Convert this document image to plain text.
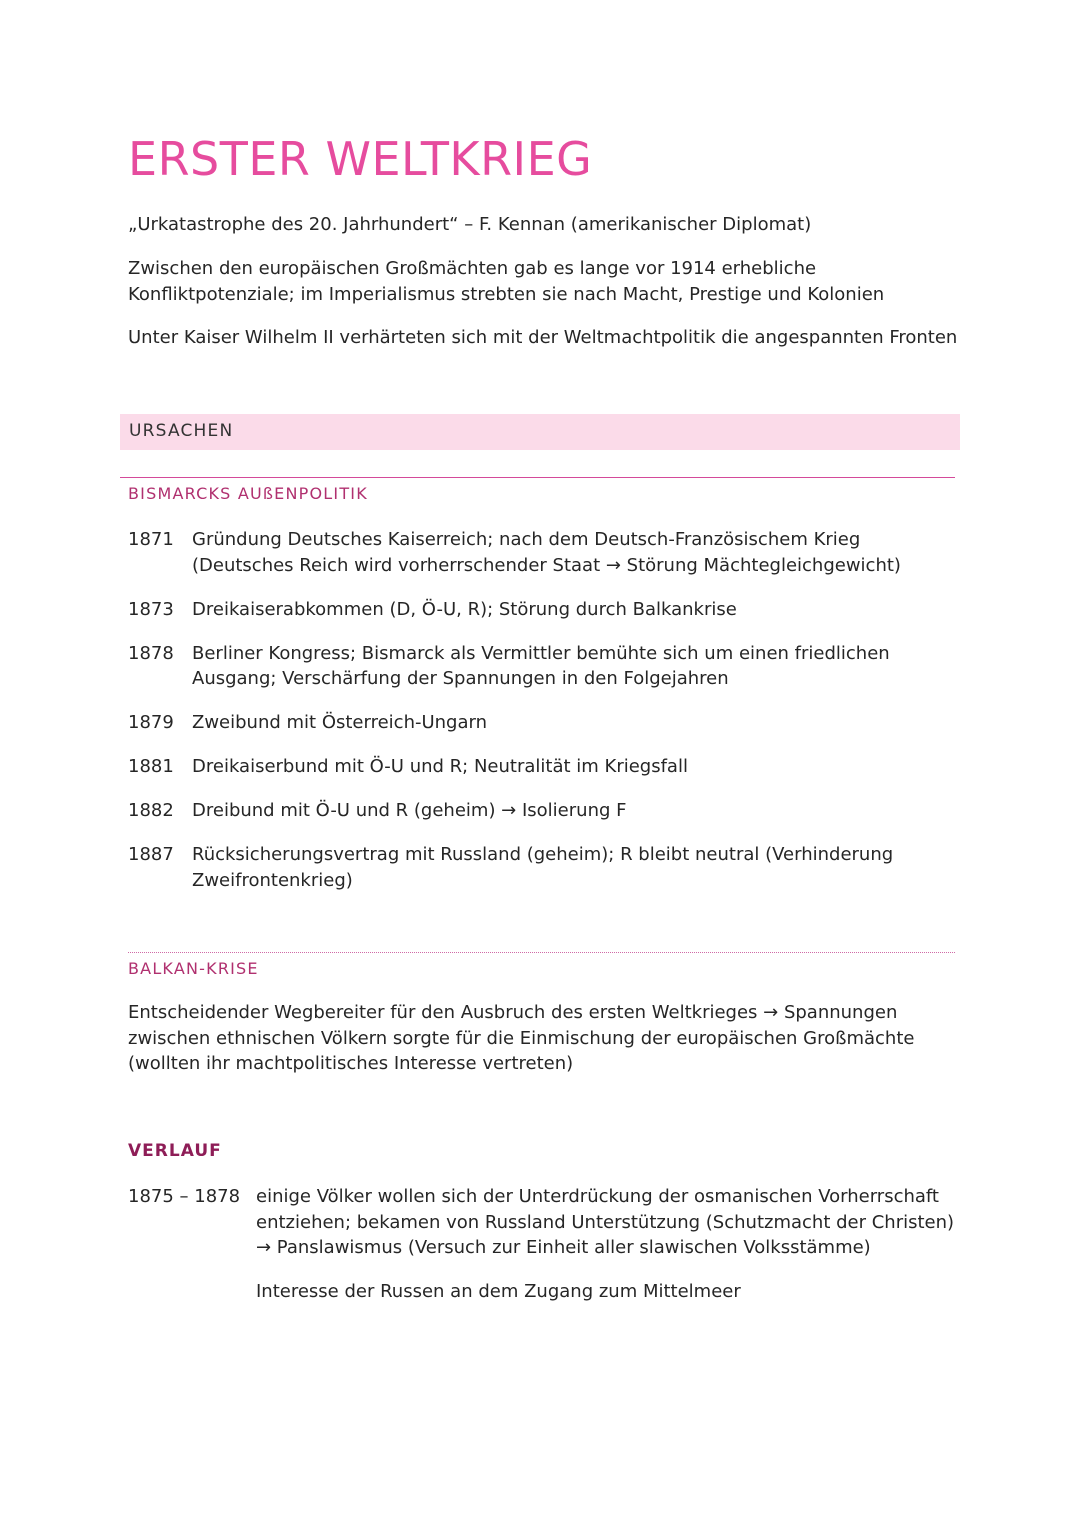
ERSTER WELTKRIEG

„Urkatastrophe des 20. Jahrhundert“ – F. Kennan (amerikanischer Diplomat)

Zwischen den europäischen Großmächten gab es lange vor 1914 erhebliche Konfliktpotenziale; im Imperialismus strebten sie nach Macht, Prestige und Kolonien

Unter Kaiser Wilhelm II verhärteten sich mit der Weltmachtpolitik die angespannten Fronten

URSACHEN
BISMARCKS AUßENPOLITIK
1871	Gründung Deutsches Kaiserreich; nach dem Deutsch-Französischem Krieg (Deutsches Reich wird vorherrschender Staat → Störung Mächtegleichgewicht)
1873	Dreikaiserabkommen (D, Ö-U, R); Störung durch Balkankrise
1878	Berliner Kongress; Bismarck als Vermittler bemühte sich um einen friedlichen Ausgang; Verschärfung der Spannungen in den Folgejahren
1879	Zweibund mit Österreich-Ungarn
1881	Dreikaiserbund mit Ö-U und R; Neutralität im Kriegsfall
1882	Dreibund mit Ö-U und R (geheim) → Isolierung F
1887	Rücksicherungsvertrag mit Russland (geheim); R bleibt neutral (Verhinderung Zweifrontenkrieg)
BALKAN-KRISE

Entscheidender Wegbereiter für den Ausbruch des ersten Weltkrieges → Spannungen zwischen ethnischen Völkern sorgte für die Einmischung der europäischen Großmächte (wollten ihr machtpolitisches Interesse vertreten)

VERLAUF
1875 – 1878 einige Völker wollen sich der Unterdrückung der osmanischen Vorherrschaft entziehen; bekamen von Russland Unterstützung (Schutzmacht der Christen) → Panslawismus (Versuch zur Einheit aller slawischen Volksstämme)
Interesse der Russen an dem Zugang zum Mittelmeer
